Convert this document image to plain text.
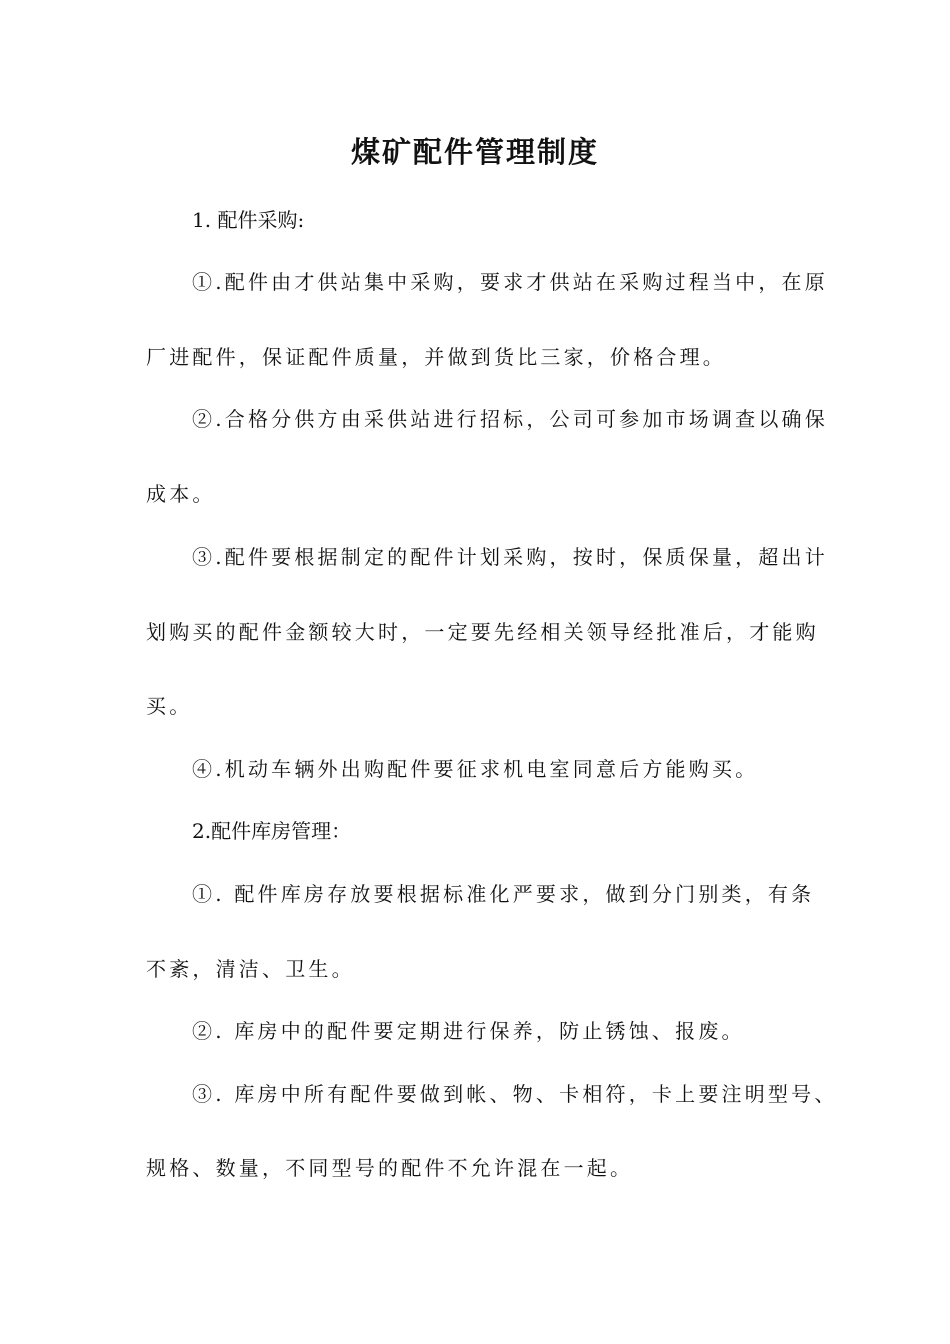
煤矿配件管理制度
1. 配件采购:
①.配件由才供站集中采购，要求才供站在采购过程当中，在原
厂进配件，保证配件质量，并做到货比三家，价格合理。
②.合格分供方由采供站进行招标，公司可参加市场调查以确保
成本。
③.配件要根据制定的配件计划采购，按时，保质保量，超出计
划购买的配件金额较大时，一定要先经相关领导经批准后，才能购
买。
④.机动车辆外出购配件要征求机电室同意后方能购买。
2.配件库房管理：
①. 配件库房存放要根据标准化严要求，做到分门别类，有条
不紊，清洁、卫生。
②. 库房中的配件要定期进行保养，防止锈蚀、报废。
③. 库房中所有配件要做到帐、物、卡相符，卡上要注明型号、
规格、数量，不同型号的配件不允许混在一起。
